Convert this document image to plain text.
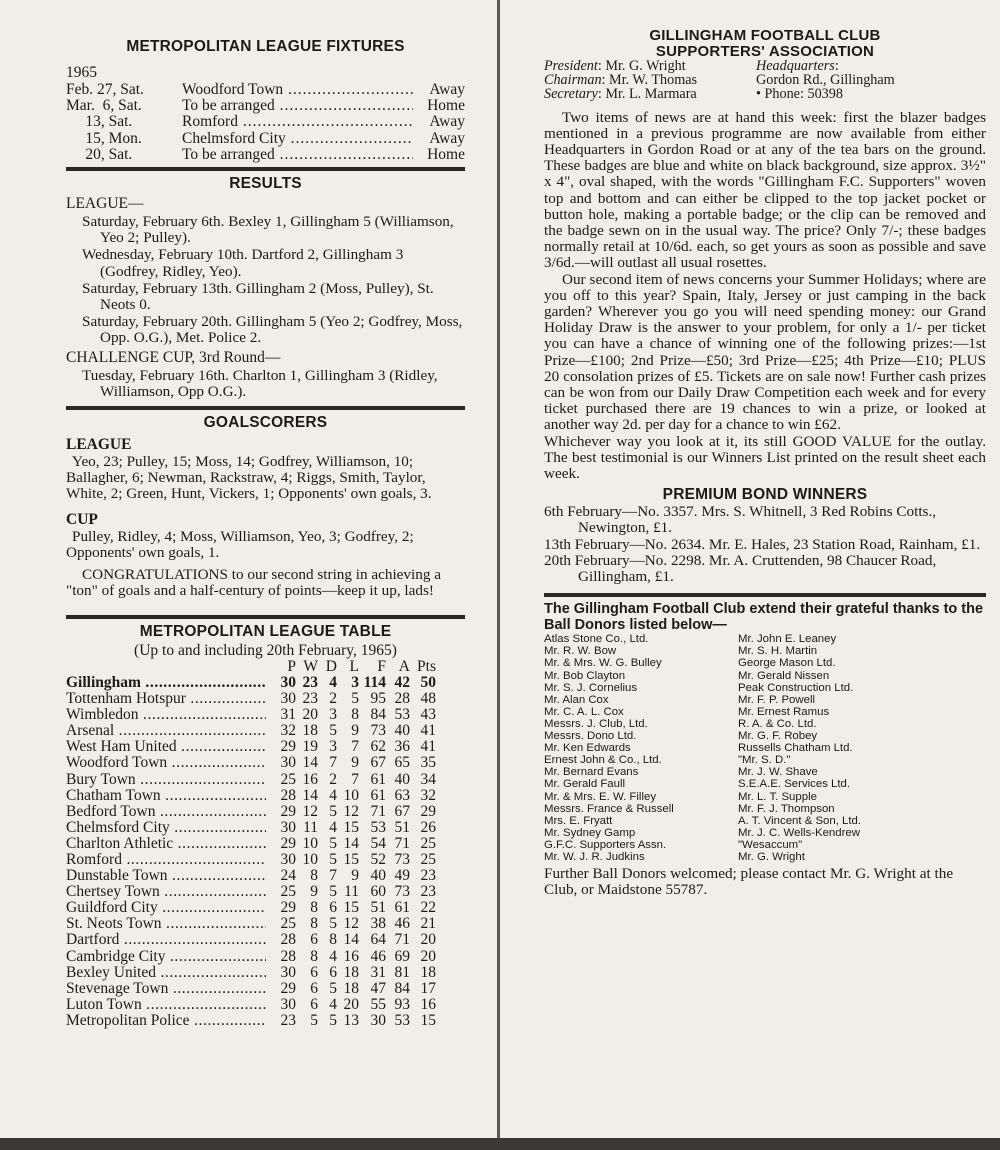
METROPOLITAN LEAGUE FIXTURES
1965
Feb. 27, Sat.	Woodford Town .....	Away
Mar.  6, Sat.	To be arranged .....	Home
13, Sat.	Romford .....	Away
15, Mon.	Chelmsford City .....	Away
20, Sat.	To be arranged .....	Home
RESULTS
LEAGUE—
Saturday, February 6th. Bexley 1, Gillingham 5 (Williamson, Yeo 2; Pulley).
Wednesday, February 10th. Dartford 2, Gillingham 3 (Godfrey, Ridley, Yeo).
Saturday, February 13th. Gillingham 2 (Moss, Pulley), St. Neots 0.
Saturday, February 20th. Gillingham 5 (Yeo 2; Godfrey, Moss, Opp. O.G.), Met. Police 2.
CHALLENGE CUP, 3rd Round—
Tuesday, February 16th. Charlton 1, Gillingham 3 (Ridley, Williamson, Opp O.G.).
GOALSCORERS
LEAGUE

Yeo, 23; Pulley, 15; Moss, 14; Godfrey, Williamson, 10; Ballagher, 6; Newman, Rackstraw, 4; Riggs, Smith, Taylor, White, 2; Green, Hunt, Vickers, 1; Opponents' own goals, 3.

CUP

Pulley, Ridley, 4; Moss, Williamson, Yeo, 3; Godfrey, 2; Opponents' own goals, 1.

CONGRATULATIONS to our second string in achieving a "ton" of goals and a half-century of points—keep it up, lads!

METROPOLITAN LEAGUE TABLE
(Up to and including 20th February, 1965)
P W D L	F A Pts
Gillingham .....	30 23 4 3 114 42 50
Tottenham Hotspur .....	30 23 2 5 95 28 48
Wimbledon .....	31 20 3 8 84 53 43
Arsenal .....	32 18 5 9 73 40 41
West Ham United .....	29 19 3 7 62 36 41
Woodford Town .....	30 14 7 9 67 65 35
Bury Town .....	25 16 2 7 61 40 34
Chatham Town .....	28 14 4 10 61 63 32
Bedford Town .....	29 12 5 12 71 67 29
Chelmsford City .....	30 11 4 15 53 51 26
Charlton Athletic .....	29 10 5 14 54 71 25
Romford .....	30 10 5 15 52 73 25
Dunstable Town .....	24 8 7 9 40 49 23
Chertsey Town .....	25 9 5 11 60 73 23
Guildford City .....	29 8 6 15 51 61 22
St. Neots Town .....	25 8 5 12 38 46 21
Dartford .....	28 6 8 14 64 71 20
Cambridge City .....	28 8 4 16 46 69 20
Bexley United .....	30 6 6 18 31 81 18
Stevenage Town .....	29 6 5 18 47 84 17
Luton Town .....	30 6 4 20 55 93 16
Metropolitan Police .....	23 5 5 13 30 53 15
GILLINGHAM FOOTBALL CLUB
SUPPORTERS' ASSOCIATION
President: Mr. G. Wright
Chairman: Mr. W. Thomas
Secretary: Mr. L. Marmara
Headquarters:
Gordon Rd., Gillingham
• Phone: 50398

Two items of news are at hand this week: first the blazer badges mentioned in a previous programme are now available from either Headquarters in Gordon Road or at any of the tea bars on the ground. These badges are blue and white on black background, size approx. 3½" x 4", oval shaped, with the words "Gillingham F.C. Supporters" woven top and bottom and can either be clipped to the top jacket pocket or button hole, making a portable badge; or the clip can be removed and the badge sewn on in the usual way. The price? Only 7/-; these badges normally retail at 10/6d. each, so get yours as soon as possible and save 3/6d.—will outlast all usual rosettes.

Our second item of news concerns your Summer Holidays; where are you off to this year? Spain, Italy, Jersey or just camping in the back garden? Wherever you go you will need spending money: our Grand Holiday Draw is the answer to your problem, for only a 1/- per ticket you can have a chance of winning one of the following prizes:—1st Prize—£100; 2nd Prize—£50; 3rd Prize—£25; 4th Prize—£10; PLUS 20 consolation prizes of £5. Tickets are on sale now! Further cash prizes can be won from our Daily Draw Competition each week and for every ticket purchased there are 19 chances to win a prize, or looked at another way 2d. per day for a chance to win £62.

Whichever way you look at it, its still GOOD VALUE for the outlay. The best testimonial is our Winners List printed on the result sheet each week.

PREMIUM BOND WINNERS

6th February—No. 3357. Mrs. S. Whitnell, 3 Red Robins Cotts., Newington, £1.

13th February—No. 2634. Mr. E. Hales, 23 Station Road, Rainham, £1.

20th February—No. 2298. Mr. A. Cruttenden, 98 Chaucer Road, Gillingham, £1.

The Gillingham Football Club extend their grateful thanks to the Ball Donors listed below—

Atlas Stone Co., Ltd.
Mr. R. W. Bow
Mr. & Mrs. W. G. Bulley
Mr. Bob Clayton
Mr. S. J. Cornelius
Mr. Alan Cox
Mr. C. A. L. Cox
Messrs. J. Club, Ltd.
Messrs. Dono Ltd.
Mr. Ken Edwards
Ernest John & Co., Ltd.
Mr. Bernard Evans
Mr. Gerald Faull
Mr. & Mrs. E. W. Filley
Messrs. France & Russell
Mrs. E. Fryatt
Mr. Sydney Gamp
G.F.C. Supporters Assn.
Mr. W. J. R. Judkins
Mr. John E. Leaney
Mr. S. H. Martin
George Mason Ltd.
Mr. Gerald Nissen
Peak Construction Ltd.
Mr. F. P. Powell
Mr. Ernest Ramus
R. A. & Co. Ltd.
Mr. G. F. Robey
Russells Chatham Ltd.
"Mr. S. D."
Mr. J. W. Shave
S.E.A.E. Services Ltd.
Mr. L. T. Supple
Mr. F. J. Thompson
A. T. Vincent & Son, Ltd.
Mr. J. C. Wells-Kendrew
"Wesaccum"
Mr. G. Wright

Further Ball Donors welcomed; please contact Mr. G. Wright at the Club, or Maidstone 55787.
